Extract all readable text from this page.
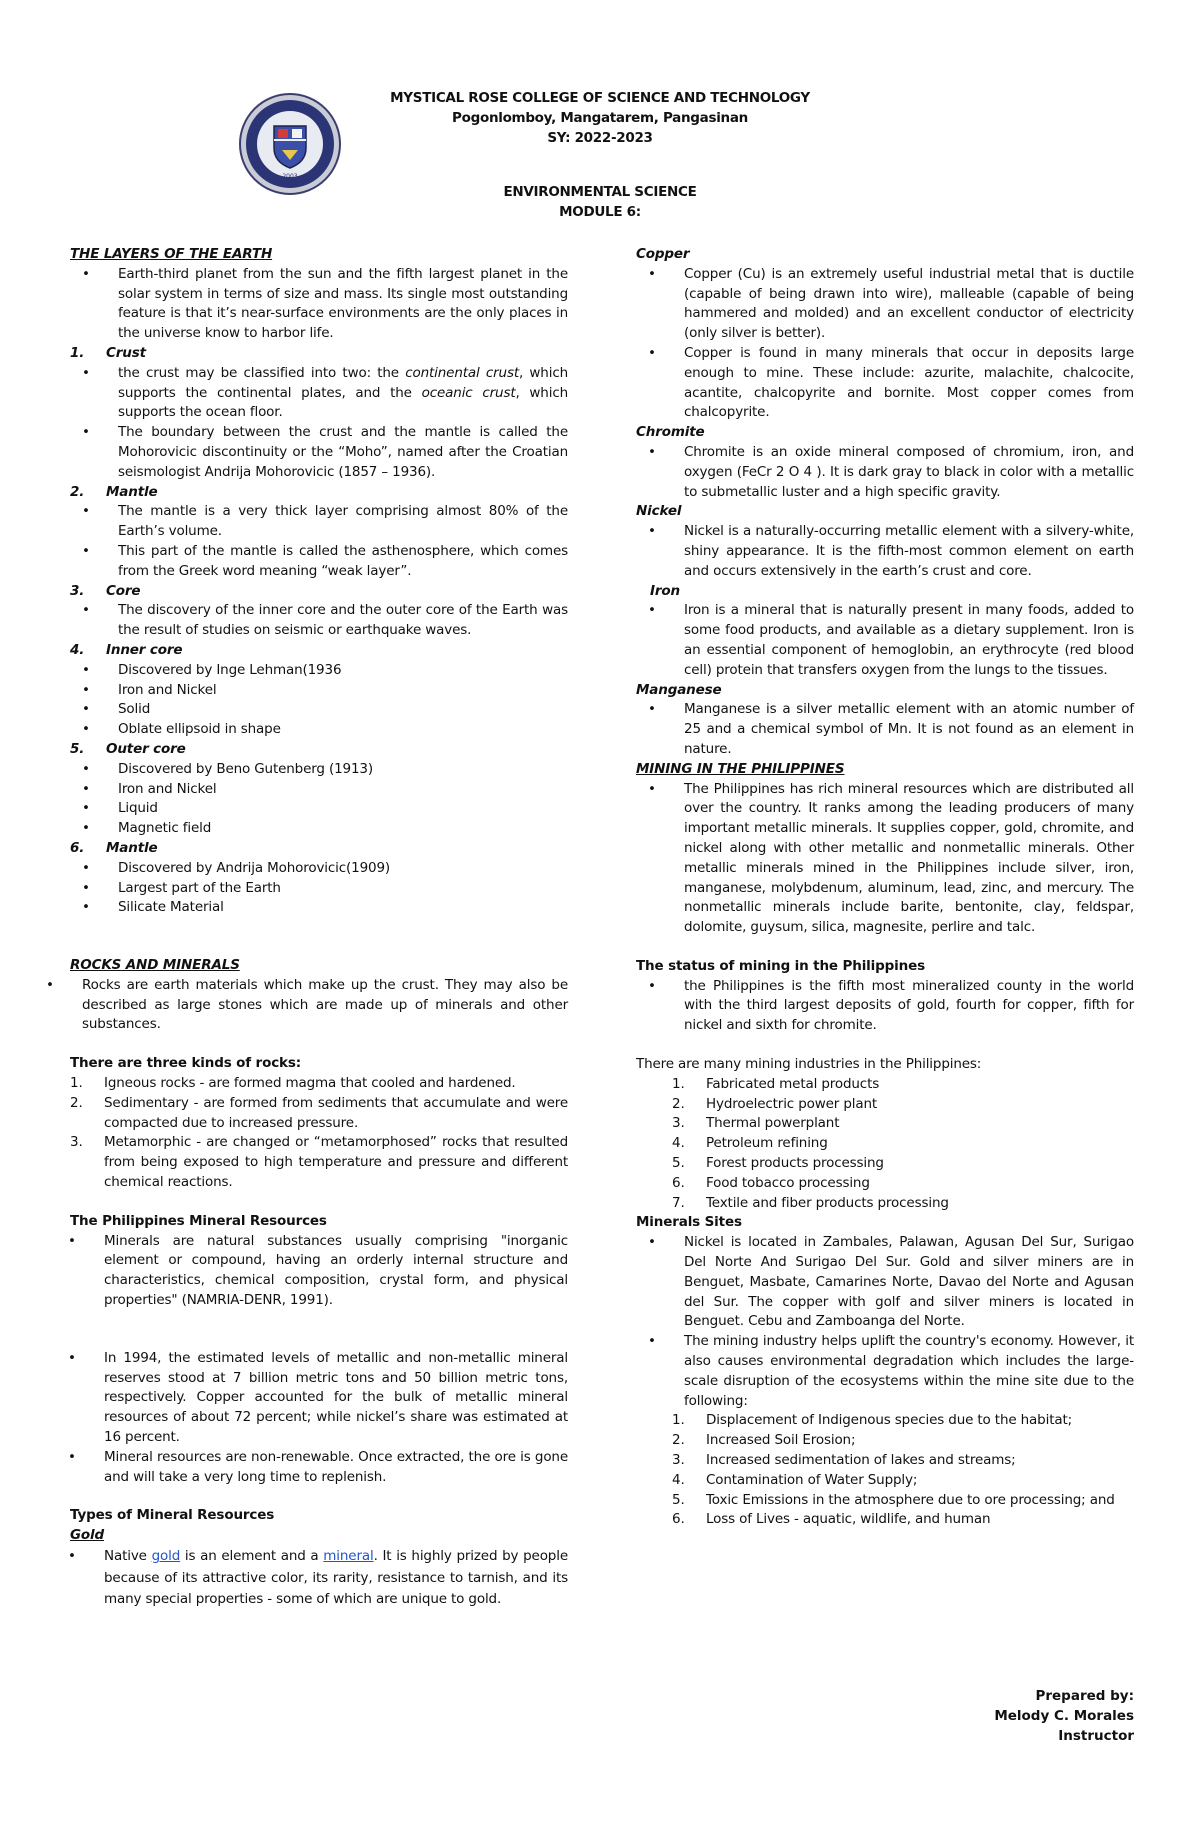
2003
MYSTICAL ROSE COLLEGE OF SCIENCE AND TECHNOLOGY
Pogonlomboy, Mangatarem, Pangasinan
SY: 2022-2023
ENVIRONMENTAL SCIENCE
MODULE 6:

THE LAYERS OF THE EARTH

• Earth-third planet from the sun and the fifth largest planet in the solar system in terms of size and mass. Its single most outstanding feature is that it’s near-surface environments are the only places in the universe know to harbor life.

1. Crust

• the crust may be classified into two: the continental crust, which supports the continental plates, and the oceanic crust, which supports the ocean floor.
• The boundary between the crust and the mantle is called the Mohorovicic discontinuity or the “Moho”, named after the Croatian seismologist Andrija Mohorovicic (1857 – 1936).

2. Mantle

• The mantle is a very thick layer comprising almost 80% of the Earth’s volume.
• This part of the mantle is called the asthenosphere, which comes from the Greek word meaning “weak layer”.

3. Core

• The discovery of the inner core and the outer core of the Earth was the result of studies on seismic or earthquake waves.

4. Inner core

• Discovered by Inge Lehman(1936
• Iron and Nickel
• Solid
• Oblate ellipsoid in shape

5. Outer core

• Discovered by Beno Gutenberg (1913)
• Iron and Nickel
• Liquid
• Magnetic field

6. Mantle

• Discovered by Andrija Mohorovicic(1909)
• Largest part of the Earth
• Silicate Material

ROCKS AND MINERALS

• Rocks are earth materials which make up the crust. They may also be described as large stones which are made up of minerals and other substances.

There are three kinds of rocks:

1. Igneous rocks - are formed magma that cooled and hardened.
2. Sedimentary - are formed from sediments that accumulate and were compacted due to increased pressure.
3. Metamorphic - are changed or “metamorphosed” rocks that resulted from being exposed to high temperature and pressure and different chemical reactions.

The Philippines Mineral Resources

• Minerals are natural substances usually comprising "inorganic element or compound, having an orderly internal structure and characteristics, chemical composition, crystal form, and physical properties" (NAMRIA-DENR, 1991).
• In 1994, the estimated levels of metallic and non-metallic mineral reserves stood at 7 billion metric tons and 50 billion metric tons, respectively. Copper accounted for the bulk of metallic mineral resources of about 72 percent; while nickel’s share was estimated at 16 percent.
• Mineral resources are non-renewable. Once extracted, the ore is gone and will take a very long time to replenish.

Types of Mineral Resources

Gold

• Native gold is an element and a mineral. It is highly prized by people because of its attractive color, its rarity, resistance to tarnish, and its many special properties - some of which are unique to gold.

Copper

• Copper (Cu) is an extremely useful industrial metal that is ductile (capable of being drawn into wire), malleable (capable of being hammered and molded) and an excellent conductor of electricity (only silver is better).
• Copper is found in many minerals that occur in deposits large enough to mine. These include: azurite, malachite, chalcocite, acantite, chalcopyrite and bornite. Most copper comes from chalcopyrite.

Chromite

• Chromite is an oxide mineral composed of chromium, iron, and oxygen (FeCr 2 O 4 ). It is dark gray to black in color with a metallic to submetallic luster and a high specific gravity.

Nickel

• Nickel is a naturally-occurring metallic element with a silvery-white, shiny appearance. It is the fifth-most common element on earth and occurs extensively in the earth’s crust and core.

Iron

• Iron is a mineral that is naturally present in many foods, added to some food products, and available as a dietary supplement. Iron is an essential component of hemoglobin, an erythrocyte (red blood cell) protein that transfers oxygen from the lungs to the tissues.

Manganese

• Manganese is a silver metallic element with an atomic number of 25 and a chemical symbol of Mn. It is not found as an element in nature.

MINING IN THE PHILIPPINES

• The Philippines has rich mineral resources which are distributed all over the country. It ranks among the leading producers of many important metallic minerals. It supplies copper, gold, chromite, and nickel along with other metallic and nonmetallic minerals. Other metallic minerals mined in the Philippines include silver, iron, manganese, molybdenum, aluminum, lead, zinc, and mercury. The nonmetallic minerals include barite, bentonite, clay, feldspar, dolomite, guysum, silica, magnesite, perlire and talc.

The status of mining in the Philippines

• the Philippines is the fifth most mineralized county in the world with the third largest deposits of gold, fourth for copper, fifth for nickel and sixth for chromite.

There are many mining industries in the Philippines:

1. Fabricated metal products
2. Hydroelectric power plant
3. Thermal powerplant
4. Petroleum refining
5. Forest products processing
6. Food tobacco processing
7. Textile and fiber products processing

Minerals Sites

• Nickel is located in Zambales, Palawan, Agusan Del Sur, Surigao Del Norte And Surigao Del Sur. Gold and silver miners are in Benguet, Masbate, Camarines Norte, Davao del Norte and Agusan del Sur. The copper with golf and silver miners is located in Benguet. Cebu and Zamboanga del Norte.
• The mining industry helps uplift the country's economy. However, it also causes environmental degradation which includes the large-scale disruption of the ecosystems within the mine site due to the following:
1. Displacement of Indigenous species due to the habitat;
2. Increased Soil Erosion;
3. Increased sedimentation of lakes and streams;
4. Contamination of Water Supply;
5. Toxic Emissions in the atmosphere due to ore processing; and
6. Loss of Lives - aquatic, wildlife, and human
Prepared by:
Melody C. Morales
Instructor
